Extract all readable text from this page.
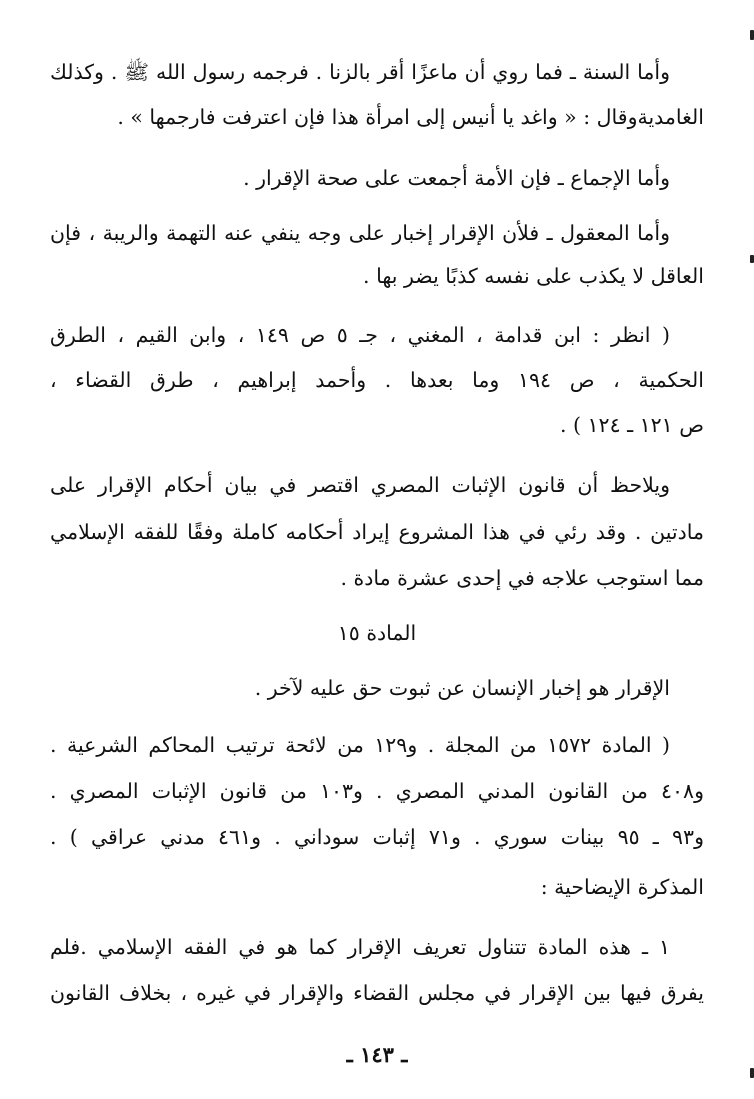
وأما السنة ـ فما روي أن ماعزًا أقر بالزنا . فرجمه رسول الله ﷺ . وكذلك
الغامديةوقال : « واغد يا أنيس إلى امرأة هذا فإن اعترفت فارجمها » .
وأما الإجماع ـ فإن الأمة أجمعت على صحة الإقرار .
وأما المعقول ـ فلأن الإقرار إخبار على وجه ينفي عنه التهمة والريبة ، فإن
العاقل لا يكذب على نفسه كذبًا يضر بها .
( انظر : ابن قدامة ، المغني ، جـ ٥ ص ١٤٩ ، وابن القيم ، الطرق
الحكمية ، ص ١٩٤ وما بعدها . وأحمد إبراهيم ، طرق القضاء ،
ص ١٢١ ـ ١٢٤ ) .
ويلاحظ أن قانون الإثبات المصري اقتصر في بيان أحكام الإقرار على
مادتين . وقد رئي في هذا المشروع إيراد أحكامه كاملة وفقًا للفقه الإسلامي
مما استوجب علاجه في إحدى عشرة مادة .
المادة ١٥
الإقرار هو إخبار الإنسان عن ثبوت حق عليه لآخر .
( المادة ١٥٧٢ من المجلة . و١٢٩ من لائحة ترتيب المحاكم الشرعية .
و٤٠٨ من القانون المدني المصري . و١٠٣ من قانون الإثبات المصري .
و٩٣ ـ ٩٥ بينات سوري . و٧١ إثبات سوداني . و٤٦١ مدني عراقي ) .
المذكرة الإيضاحية :
١ ـ هذه المادة تتناول تعريف الإقرار كما هو في الفقه الإسلامي .فلم
يفرق فيها بين الإقرار في مجلس القضاء والإقرار في غيره ، بخلاف القانون
ـ ١٤٣ ـ
